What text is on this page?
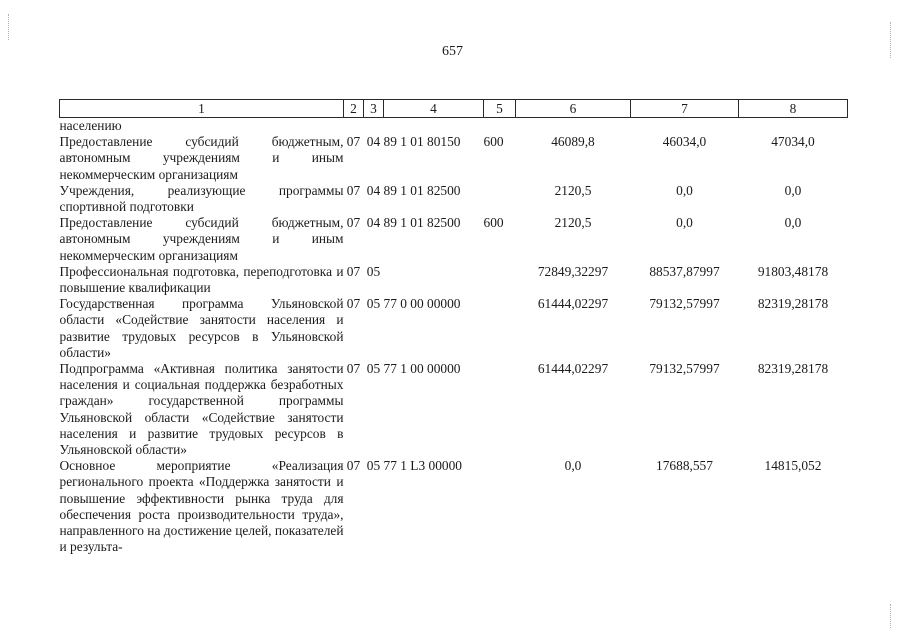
657
1	2	3	4	5	6	7	8
населению							
Предоставление субсидий бюджетным, автономным учреждениям и иным некоммерческим организациям	07	04	89 1 01 80150	600	46089,8	46034,0	47034,0
Учреждения, реализующие программы спортивной подготовки	07	04	89 1 01 82500		2120,5	0,0	0,0
Предоставление субсидий бюджетным, автономным учреждениям и иным некоммерческим организациям	07	04	89 1 01 82500	600	2120,5	0,0	0,0
Профессиональная подготовка, переподготовка и повышение квалификации	07	05			72849,32297	88537,87997	91803,48178
Государственная программа Ульяновской области «Содействие занятости населения и развитие трудовых ресурсов в Ульяновской области»	07	05	77 0 00 00000		61444,02297	79132,57997	82319,28178
Подпрограмма «Активная политика занятости населения и социальная поддержка безработных граждан» государственной программы Ульяновской области «Содействие занятости населения и развитие трудовых ресурсов в Ульяновской области»	07	05	77 1 00 00000		61444,02297	79132,57997	82319,28178
Основное мероприятие «Реализация регионального проекта «Поддержка занятости и повышение эффективности рынка труда для обеспечения роста производительности труда», направленного на достижение целей, показателей и результа-	07	05	77 1 L3 00000		0,0	17688,557	14815,052
